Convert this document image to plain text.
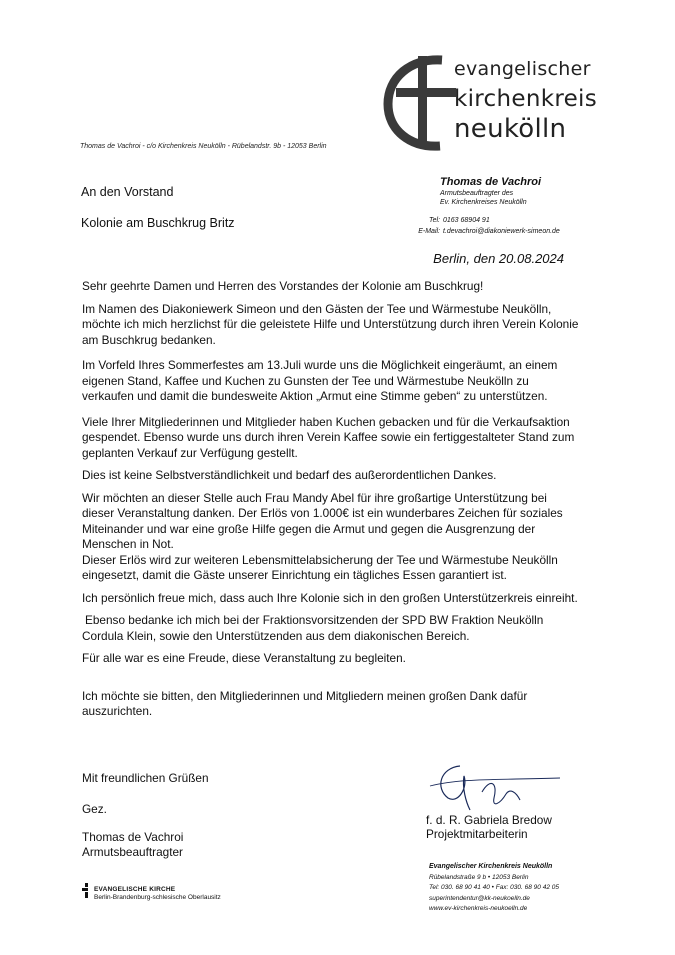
evangelischer
kirchenkreis
neukölln
Thomas de Vachroi - c/o Kirchenkreis Neukölln - Rübelandstr. 9b - 12053 Berlin
An den Vorstand
Kolonie am Buschkrug Britz
Thomas de Vachroi
Armutsbeauftragter des
Ev. Kirchenkreises Neukölln
Tel: 0163 68904 91
E-Mail: t.devachroi@diakoniewerk-simeon.de
Berlin, den 20.08.2024

Sehr geehrte Damen und Herren des Vorstandes der Kolonie am Buschkrug!

Im Namen des Diakoniewerk Simeon und den Gästen der Tee und Wärmestube Neukölln, möchte ich mich herzlichst für die geleistete Hilfe und Unterstützung durch ihren Verein Kolonie am Buschkrug bedanken.

Im Vorfeld Ihres Sommerfestes am 13.Juli wurde uns die Möglichkeit eingeräumt, an einem eigenen Stand, Kaffee und Kuchen zu Gunsten der Tee und Wärmestube Neukölln zu verkaufen und damit die bundesweite Aktion „Armut eine Stimme geben“ zu unterstützen.

Viele Ihrer Mitgliederinnen und Mitglieder haben Kuchen gebacken und für die Verkaufsaktion gespendet. Ebenso wurde uns durch ihren Verein Kaffee sowie ein fertiggestalteter Stand zum geplanten Verkauf zur Verfügung gestellt.

Dies ist keine Selbstverständlichkeit und bedarf des außerordentlichen Dankes.

Wir möchten an dieser Stelle auch Frau Mandy Abel für ihre großartige Unterstützung bei dieser Veranstaltung danken. Der Erlös von 1.000€ ist ein wunderbares Zeichen für soziales Miteinander und war eine große Hilfe gegen die Armut und gegen die Ausgrenzung der Menschen in Not.

Dieser Erlös wird zur weiteren Lebensmittelabsicherung der Tee und Wärmestube Neukölln eingesetzt, damit die Gäste unserer Einrichtung ein tägliches Essen garantiert ist.

Ich persönlich freue mich, dass auch Ihre Kolonie sich in den großen Unterstützerkreis einreiht.

Ebenso bedanke ich mich bei der Fraktionsvorsitzenden der SPD BW Fraktion Neukölln Cordula Klein, sowie den Unterstützenden aus dem diakonischen Bereich.

Für alle war es eine Freude, diese Veranstaltung zu begleiten.

Ich möchte sie bitten, den Mitgliederinnen und Mitgliedern meinen großen Dank dafür auszurichten.

Mit freundlichen Grüßen
Gez.
Thomas de Vachroi
Armutsbeauftragter
f. d. R. Gabriela Bredow
Projektmitarbeiterin
Evangelischer Kirchenkreis Neukölln
Rübelandstraße 9 b • 12053 Berlin
Tel: 030. 68 90 41 40 • Fax: 030. 68 90 42 05
superintendentur@kk-neukoelln.de
www.ev-kirchenkreis-neukoelln.de
EVANGELISCHE KIRCHE
Berlin-Brandenburg-schlesische Oberlausitz
